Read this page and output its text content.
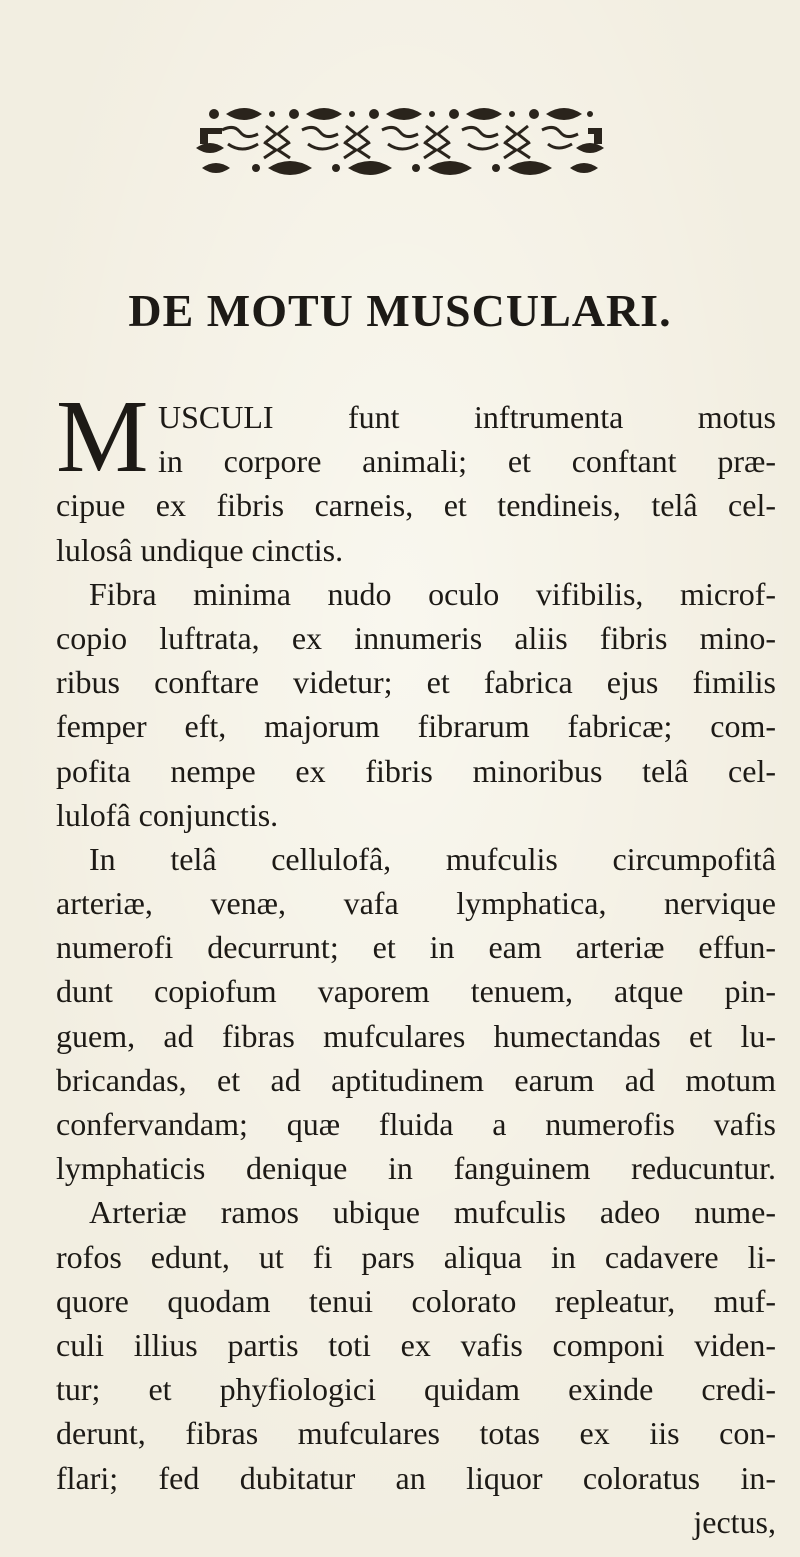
DE MOTU MUSCULARI.
M USCULI funt inftrumenta motus
in corpore animali; et conftant præ-
cipue ex fibris carneis, et tendineis, telâ cel-
lulosâ undique cinctis.
Fibra minima nudo oculo vifibilis, microf-
copio luftrata, ex innumeris aliis fibris mino-
ribus conftare videtur; et fabrica ejus fimilis
femper eft, majorum fibrarum fabricæ; com-
pofita nempe ex fibris minoribus telâ cel-
lulofâ conjunctis.
In telâ cellulofâ, mufculis circumpofitâ
arteriæ, venæ, vafa lymphatica, nervique
numerofi decurrunt; et in eam arteriæ effun-
dunt copiofum vaporem tenuem, atque pin-
guem, ad fibras mufculares humectandas et lu-
bricandas, et ad aptitudinem earum ad motum
confervandam; quæ fluida a numerofis vafis
lymphaticis denique in fanguinem reducuntur.
Arteriæ ramos ubique mufculis adeo nume-
rofos edunt, ut fi pars aliqua in cadavere li-
quore quodam tenui colorato repleatur, muf-
culi illius partis toti ex vafis componi viden-
tur; et phyfiologici quidam exinde credi-
derunt, fibras mufculares totas ex iis con-
flari; fed dubitatur an liquor coloratus in-
jectus,
